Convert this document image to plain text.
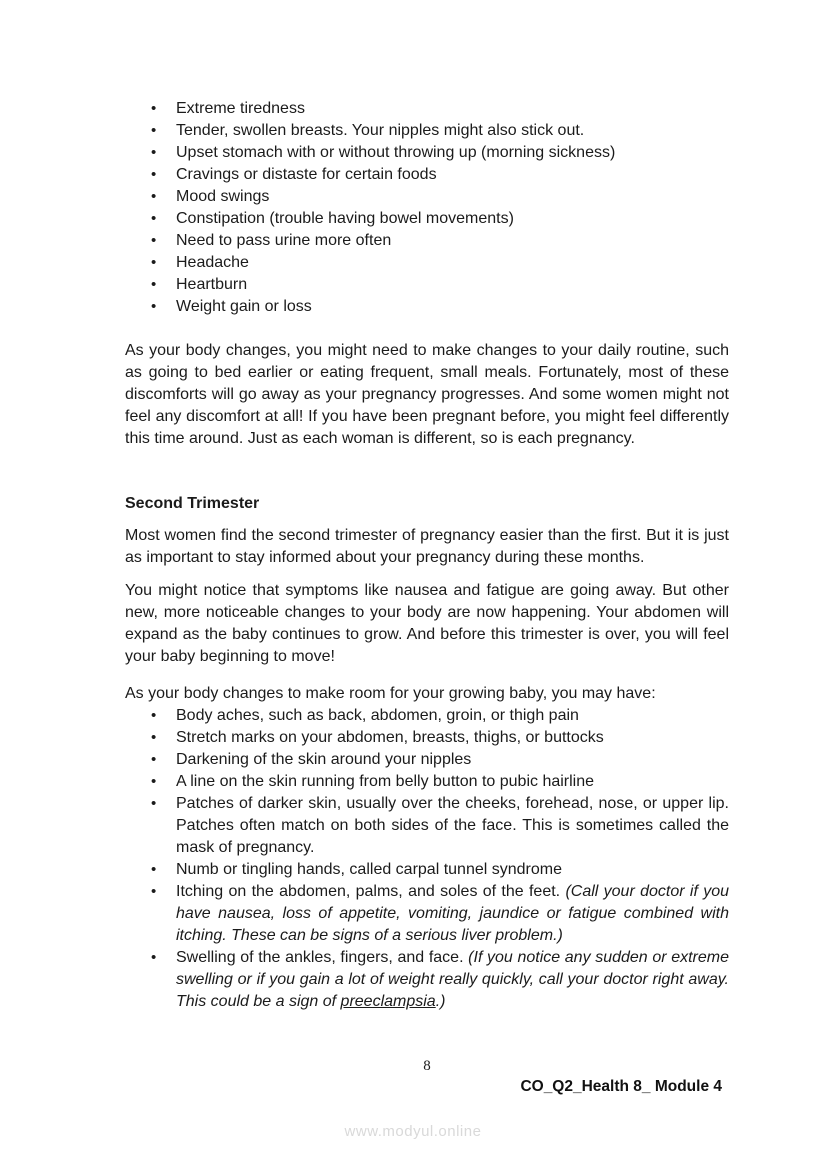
• Extreme tiredness
• Tender, swollen breasts. Your nipples might also stick out.
• Upset stomach with or without throwing up (morning sickness)
• Cravings or distaste for certain foods
• Mood swings
• Constipation (trouble having bowel movements)
• Need to pass urine more often
• Headache
• Heartburn
• Weight gain or loss

As your body changes, you might need to make changes to your daily routine, such as going to bed earlier or eating frequent, small meals. Fortunately, most of these discomforts will go away as your pregnancy progresses. And some women might not feel any discomfort at all! If you have been pregnant before, you might feel differently this time around. Just as each woman is different, so is each pregnancy.

Second Trimester

Most women find the second trimester of pregnancy easier than the first. But it is just as important to stay informed about your pregnancy during these months.

You might notice that symptoms like nausea and fatigue are going away. But other new, more noticeable changes to your body are now happening. Your abdomen will expand as the baby continues to grow. And before this trimester is over, you will feel your baby beginning to move!

As your body changes to make room for your growing baby, you may have:

• Body aches, such as back, abdomen, groin, or thigh pain
• Stretch marks on your abdomen, breasts, thighs, or buttocks
• Darkening of the skin around your nipples
• A line on the skin running from belly button to pubic hairline
• Patches of darker skin, usually over the cheeks, forehead, nose, or upper lip. Patches often match on both sides of the face. This is sometimes called the mask of pregnancy.
• Numb or tingling hands, called carpal tunnel syndrome
• Itching on the abdomen, palms, and soles of the feet. (Call your doctor if you have nausea, loss of appetite, vomiting, jaundice or fatigue combined with itching. These can be signs of a serious liver problem.)
• Swelling of the ankles, fingers, and face. (If you notice any sudden or extreme swelling or if you gain a lot of weight really quickly, call your doctor right away. This could be a sign of preeclampsia.)
8
CO_Q2_Health 8_ Module 4
www.modyul.online
